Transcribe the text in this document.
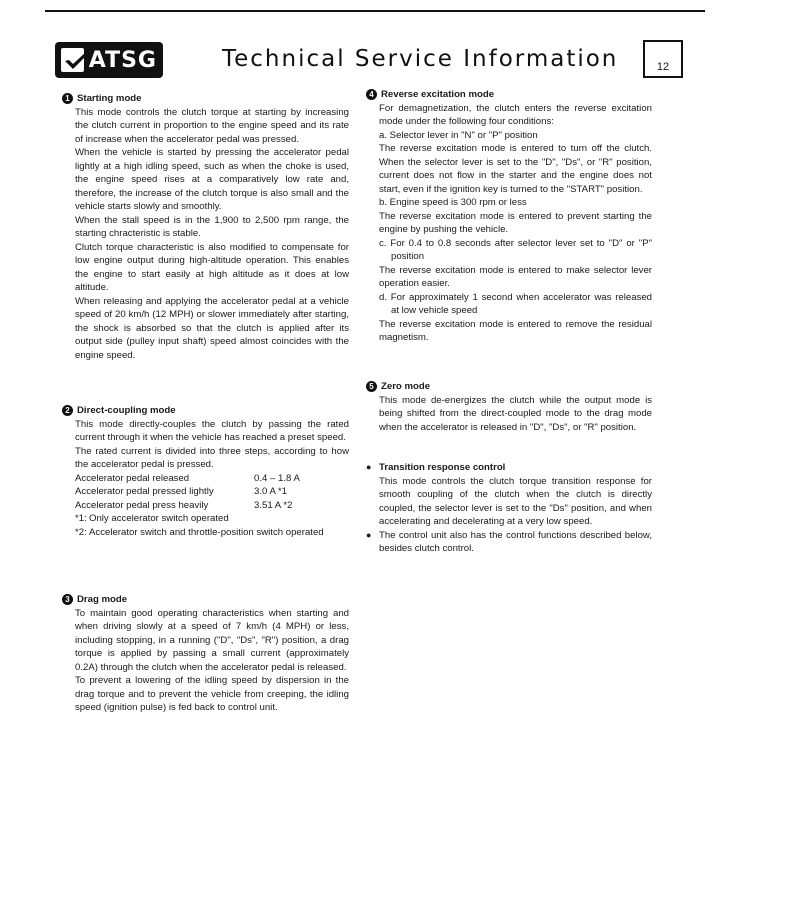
ATSG	Technical Service Information	12
1 Starting mode

This mode controls the clutch torque at starting by increasing the clutch current in proportion to the engine speed and its rate of increase when the accelerator pedal was pressed.

When the vehicle is started by pressing the accelerator pedal lightly at a high idling speed, such as when the choke is used, the engine speed rises at a comparatively low rate and, therefore, the increase of the clutch torque is also small and the vehicle starts slowly and smoothly.

When the stall speed is in the 1,900 to 2,500 rpm range, the starting chracteristic is stable.

Clutch torque characteristic is also modified to compensate for low engine output during high-altitude operation. This enables the engine to start easily at high altitude as it does at low altitude.

When releasing and applying the accelerator pedal at a vehicle speed of 20 km/h (12 MPH) or slower immediately after starting, the shock is absorbed so that the clutch is applied after its output side (pulley input shaft) speed almost coincides with the engine speed.

2 Direct-coupling mode

This mode directly-couples the clutch by passing the rated current through it when the vehicle has reached a preset speed.

The rated current is divided into three steps, according to how the accelerator pedal is pressed.

Accelerator pedal released	0.4 – 1.8 A
Accelerator pedal pressed lightly	3.0 A *1
Accelerator pedal press heavily	3.51 A *2
*1: Only accelerator switch operated
*2: Accelerator switch and throttle-position switch operated
3 Drag mode

To maintain good operating characteristics when starting and when driving slowly at a speed of 7 km/h (4 MPH) or less, including stopping, in a running ("D", "Ds", "R") position, a drag torque is applied by passing a small current (approximately 0.2A) through the clutch when the accelerator pedal is released.

To prevent a lowering of the idling speed by dispersion in the drag torque and to prevent the vehicle from creeping, the idling speed (ignition pulse) is fed back to control unit.

4 Reverse excitation mode

For demagnetization, the clutch enters the reverse excitation mode under the following four conditions:

a. Selector lever in "N" or "P" position

The reverse excitation mode is entered to turn off the clutch. When the selector lever is set to the "D", "Ds", or "R" position, current does not flow in the starter and the engine does not start, even if the ignition key is turned to the "START" position.

b. Engine speed is 300 rpm or less

The reverse excitation mode is entered to prevent starting the engine by pushing the vehicle.

c. For 0.4 to 0.8 seconds after selector lever set to "D" or "P" position

The reverse excitation mode is entered to make selector lever operation easier.

d. For approximately 1 second when accelerator was released at low vehicle speed

The reverse excitation mode is entered to remove the residual magnetism.

5 Zero mode

This mode de-energizes the clutch while the output mode is being shifted from the direct-coupled mode to the drag mode when the accelerator is released in "D", "Ds", or "R" position.

● Transition response control

This mode controls the clutch torque transition response for smooth coupling of the clutch when the clutch is directly coupled, the selector lever is set to the "Ds" position, and when accelerating and decelerating at a very low speed.

● The control unit also has the control functions described below, besides clutch control.
